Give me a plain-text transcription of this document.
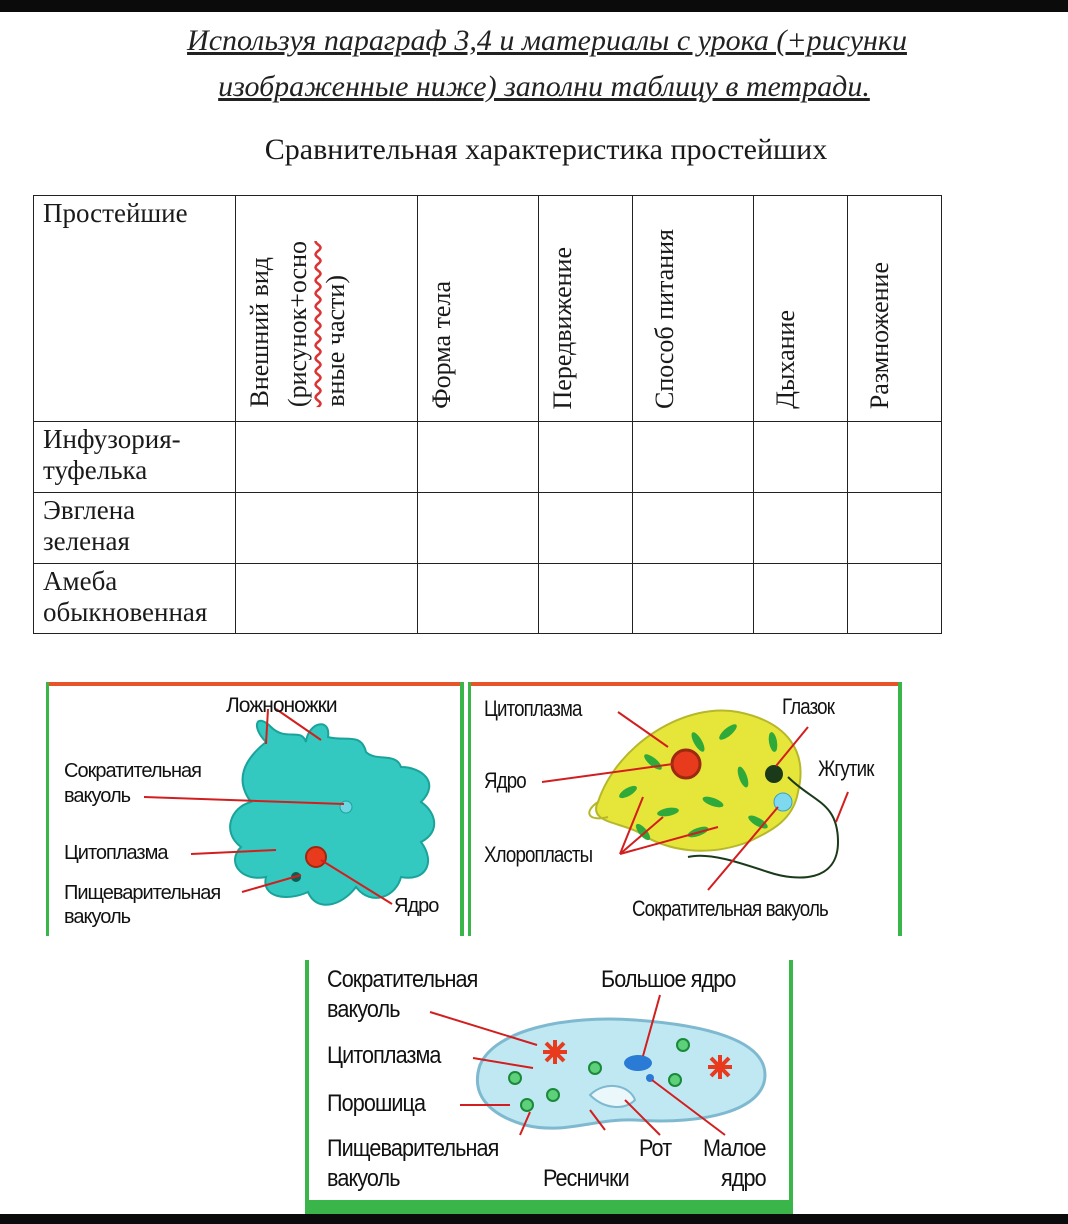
Используя параграф 3,4 и материалы с урока (+рисунки
изображенные ниже) заполни таблицу в тетради.
Сравнительная характеристика простейших
Простейшие	Внешний вид (рисунок+осно вные части)	Форма тела	Передвижение	Способ питания	Дыхание	Размножение

Инфузория-
туфелька						
Эвглена
зеленая						
Амеба
обыкновенная						
Ложноножки
Сократительная
вакуоль
Цитоплазма
Пищеварительная
вакуоль	Ядро
Цитоплазма	Глазок
Ядро	Жгутик
Хлоропласты
Сократительная вакуоль
Сократительная
вакуоль
Большое ядро
Цитоплазма
Порошица
Пищеварительная
вакуоль
Рот Малое
ядро
Реснички
